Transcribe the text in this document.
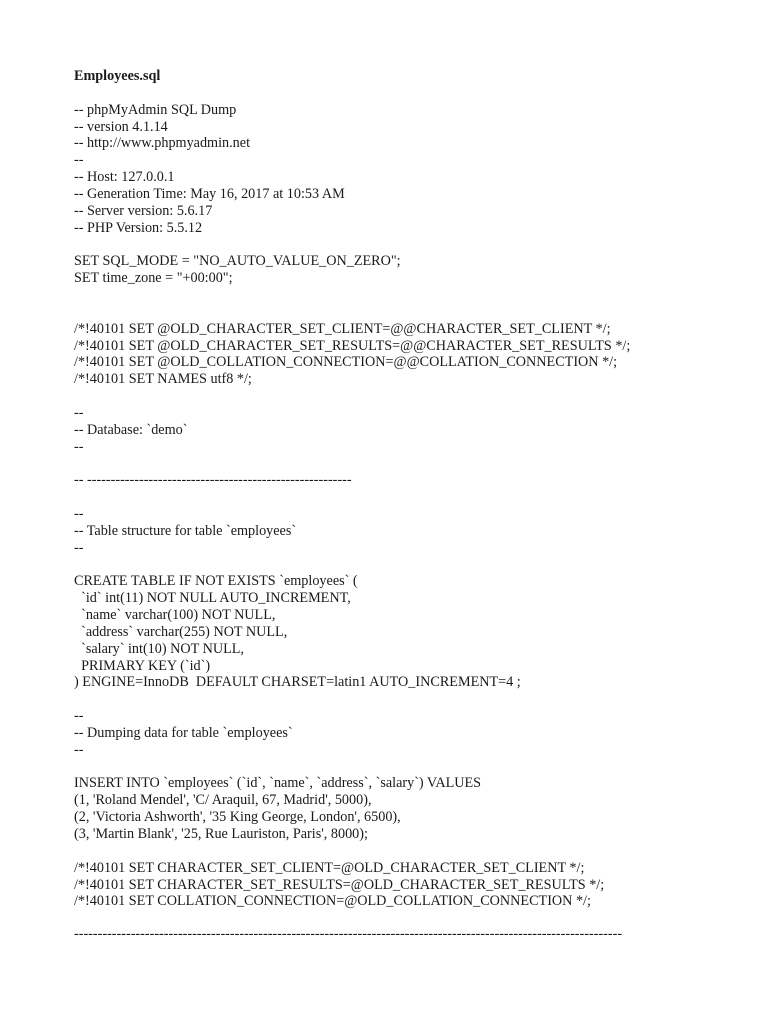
Employees.sql
-- phpMyAdmin SQL Dump
-- version 4.1.14
-- http://www.phpmyadmin.net
--
-- Host: 127.0.0.1
-- Generation Time: May 16, 2017 at 10:53 AM
-- Server version: 5.6.17
-- PHP Version: 5.5.12
SET SQL_MODE = "NO_AUTO_VALUE_ON_ZERO";
SET time_zone = "+00:00";
/*!40101 SET @OLD_CHARACTER_SET_CLIENT=@@CHARACTER_SET_CLIENT */;
/*!40101 SET @OLD_CHARACTER_SET_RESULTS=@@CHARACTER_SET_RESULTS */;
/*!40101 SET @OLD_COLLATION_CONNECTION=@@COLLATION_CONNECTION */;
/*!40101 SET NAMES utf8 */;
--
-- Database: `demo`
--
-- --------------------------------------------------------
--
-- Table structure for table `employees`
--
CREATE TABLE IF NOT EXISTS `employees` (
`id` int(11) NOT NULL AUTO_INCREMENT,
`name` varchar(100) NOT NULL,
`address` varchar(255) NOT NULL,
`salary` int(10) NOT NULL,
PRIMARY KEY (`id`)
) ENGINE=InnoDB  DEFAULT CHARSET=latin1 AUTO_INCREMENT=4 ;
--
-- Dumping data for table `employees`
--
INSERT INTO `employees` (`id`, `name`, `address`, `salary`) VALUES
(1, 'Roland Mendel', 'C/ Araquil, 67, Madrid', 5000),
(2, 'Victoria Ashworth', '35 King George, London', 6500),
(3, 'Martin Blank', '25, Rue Lauriston, Paris', 8000);
/*!40101 SET CHARACTER_SET_CLIENT=@OLD_CHARACTER_SET_CLIENT */;
/*!40101 SET CHARACTER_SET_RESULTS=@OLD_CHARACTER_SET_RESULTS */;
/*!40101 SET COLLATION_CONNECTION=@OLD_COLLATION_CONNECTION */;
--------------------------------------------------------------------------------------------------------------------
